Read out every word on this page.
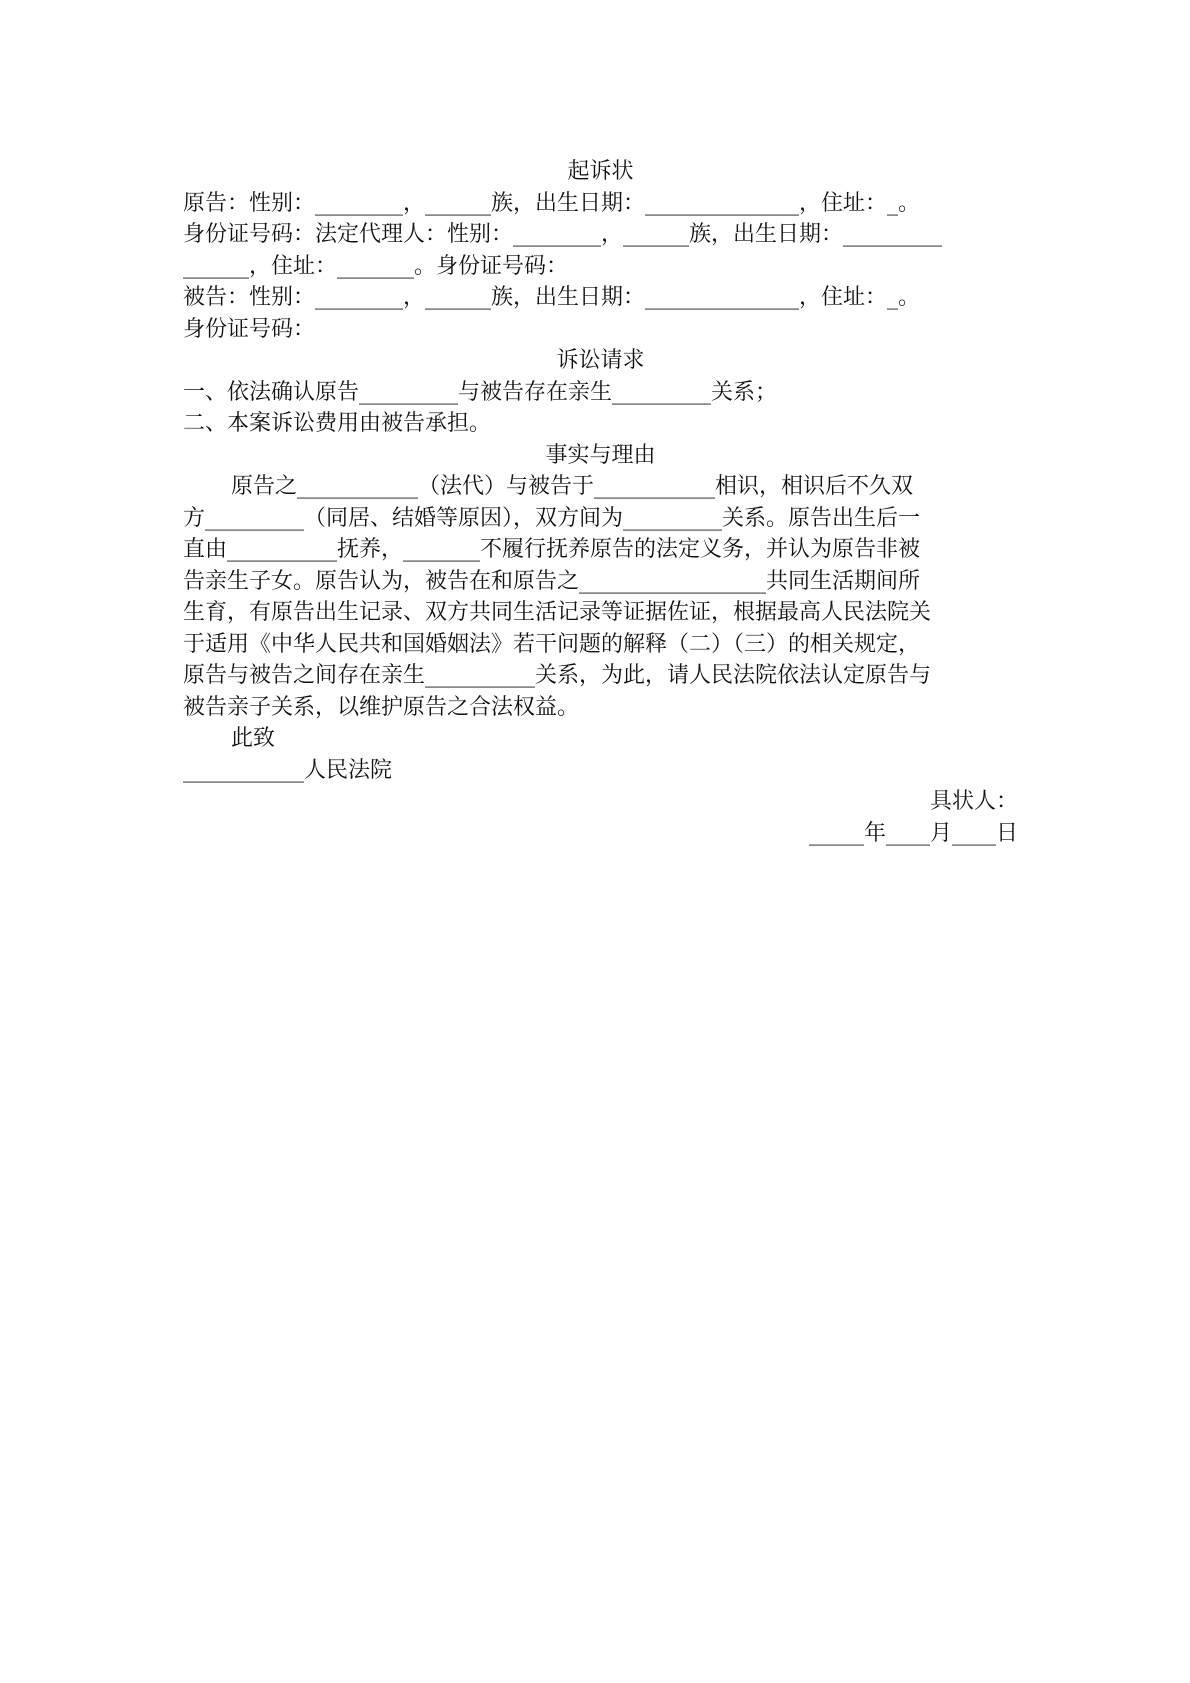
起诉状
原告：性别：________，______族，出生日期：______________，住址：_。
身份证号码：法定代理人：性别：________，______族，出生日期：_________
______，住址：_______。身份证号码：
被告：性别：________，______族，出生日期：______________，住址：_。
身份证号码：
诉讼请求
一、依法确认原告_________与被告存在亲生_________关系；
二、本案诉讼费用由被告承担。
事实与理由
原告之___________（法代）与被告于___________相识，相识后不久双
方_________（同居、结婚等原因），双方间为_________关系。原告出生后一
直由__________抚养，_______不履行抚养原告的法定义务，并认为原告非被
告亲生子女。原告认为，被告在和原告之_________________共同生活期间所
生育，有原告出生记录、双方共同生活记录等证据佐证，根据最高人民法院关
于适用《中华人民共和国婚姻法》若干问题的解释（二）（三）的相关规定，
原告与被告之间存在亲生__________关系，为此，请人民法院依法认定原告与
被告亲子关系，以维护原告之合法权益。
此致
___________人民法院
具状人：
_____年____月____日
